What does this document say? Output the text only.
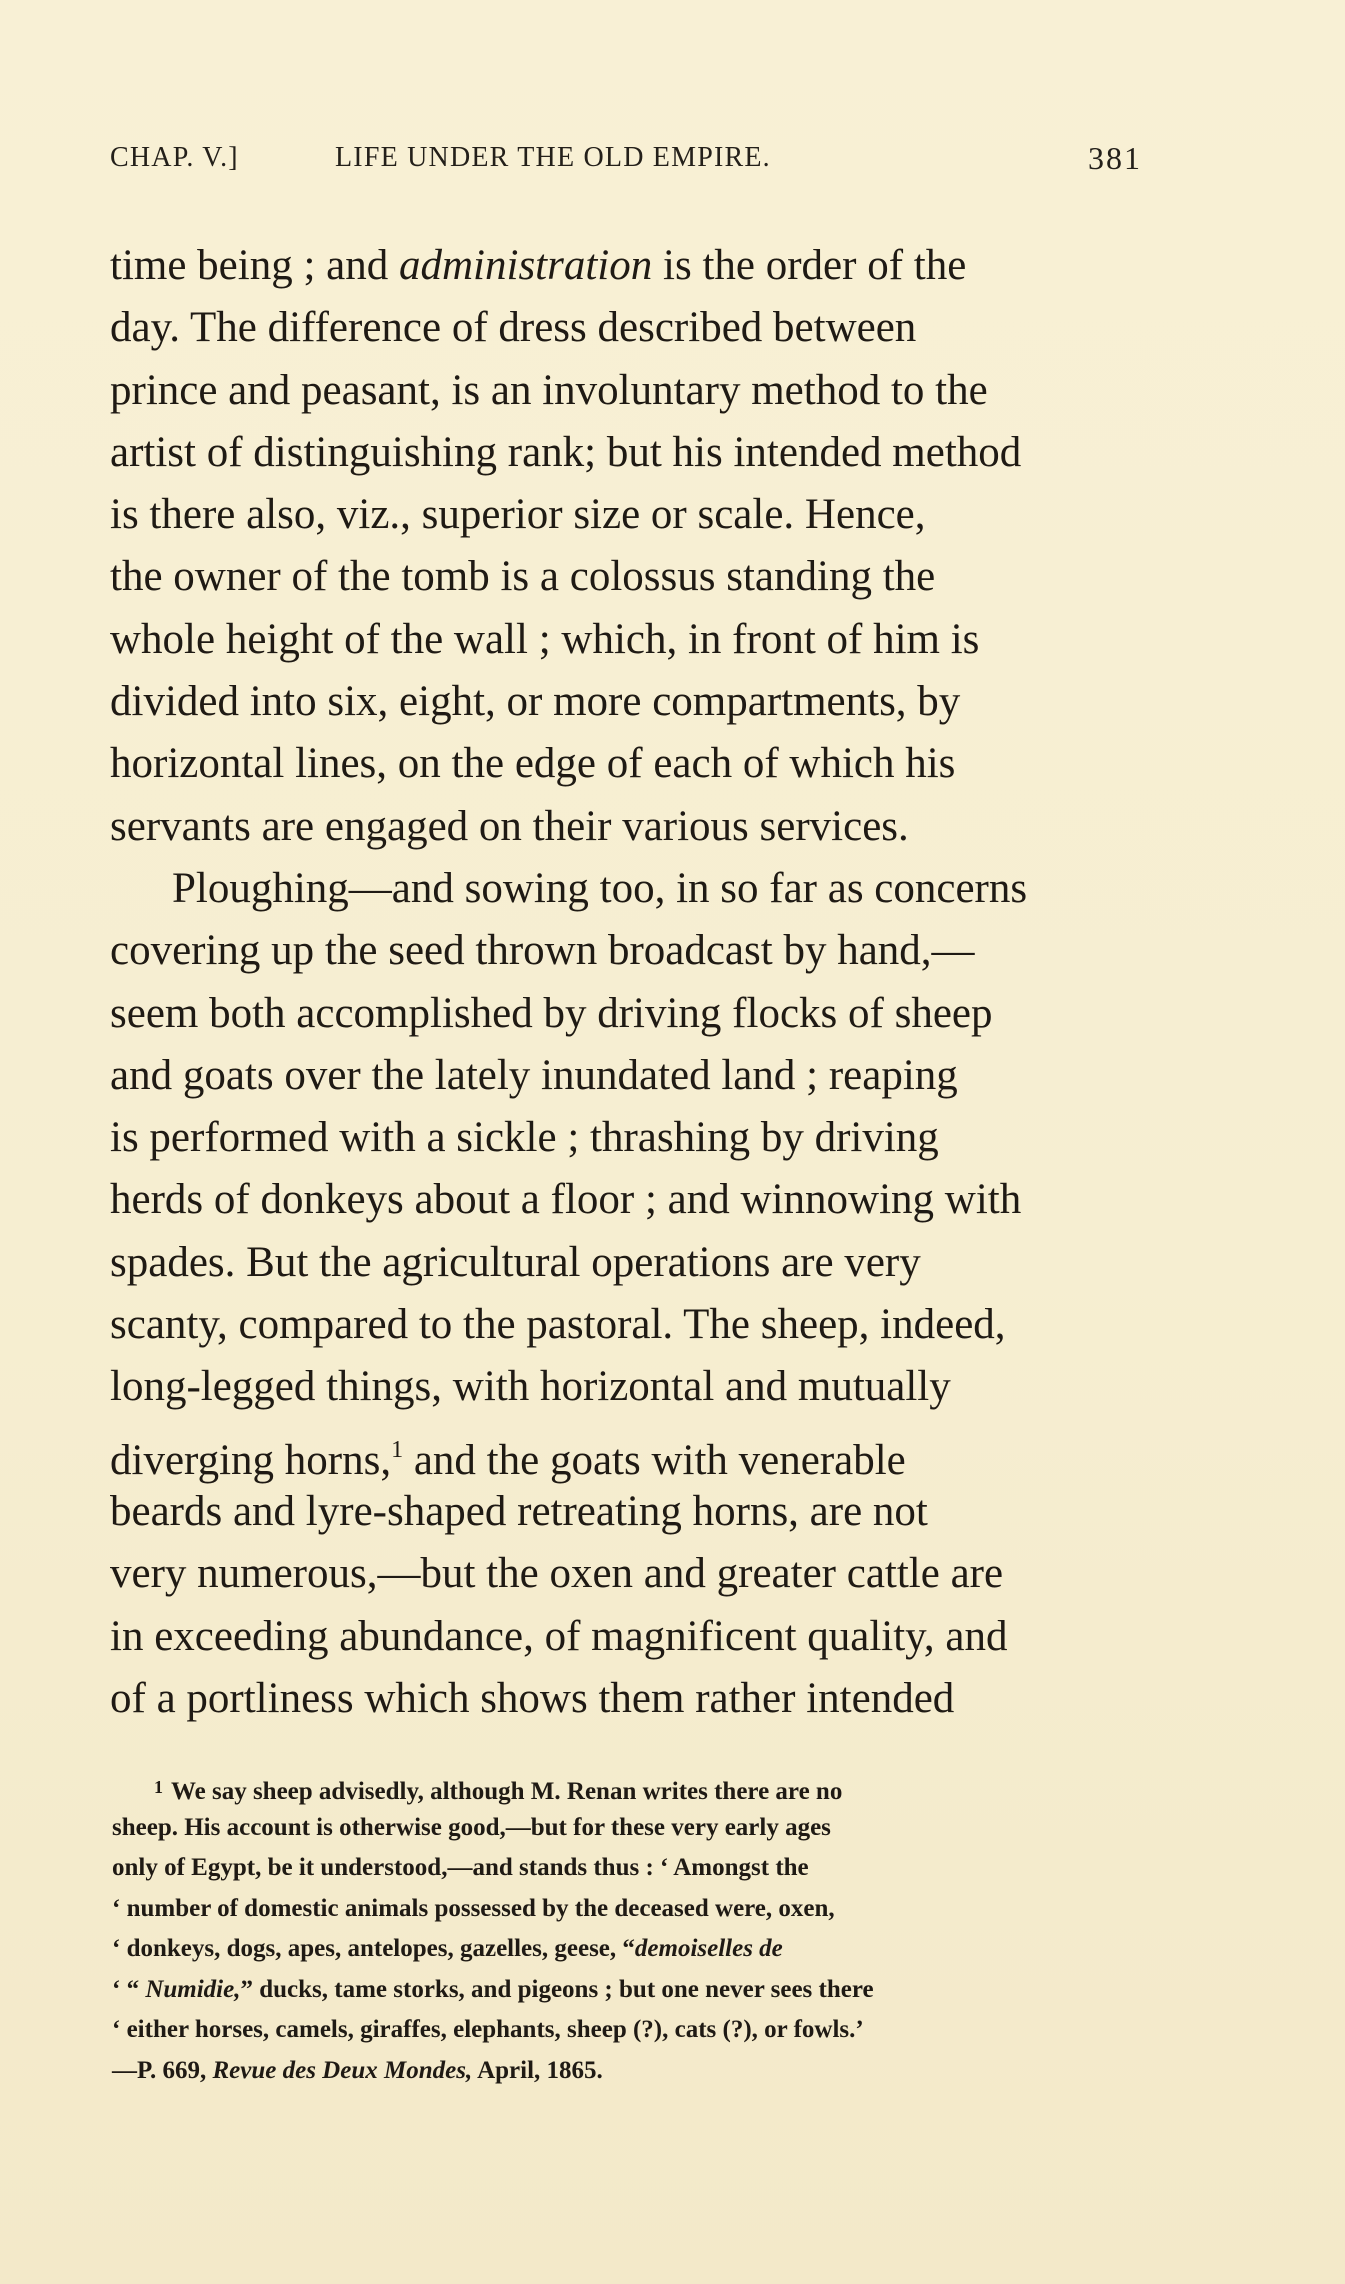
CHAP. V.]	LIFE UNDER THE OLD EMPIRE.	381
time being ; and administration is the order of the
day. The difference of dress described between
prince and peasant, is an involuntary method to the
artist of distinguishing rank; but his intended method
is there also, viz., superior size or scale. Hence,
the owner of the tomb is a colossus standing the
whole height of the wall ; which, in front of him is
divided into six, eight, or more compartments, by
horizontal lines, on the edge of each of which his
servants are engaged on their various services.
Ploughing—and sowing too, in so far as concerns
covering up the seed thrown broadcast by hand,—
seem both accomplished by driving flocks of sheep
and goats over the lately inundated land ; reaping
is performed with a sickle ; thrashing by driving
herds of donkeys about a floor ; and winnowing with
spades. But the agricultural operations are very
scanty, compared to the pastoral. The sheep, indeed,
long-legged things, with horizontal and mutually
diverging horns,$^1$ and the goats with venerable
beards and lyre-shaped retreating horns, are not
very numerous,—but the oxen and greater cattle are
in exceeding abundance, of magnificent quality, and
of a portliness which shows them rather intended
$^1$ We say sheep advisedly, although M. Renan writes there are no
sheep. His account is otherwise good,—but for these very early ages
only of Egypt, be it understood,—and stands thus : ‘ Amongst the
‘ number of domestic animals possessed by the deceased were, oxen,
‘ donkeys, dogs, apes, antelopes, gazelles, geese, “demoiselles de
‘ “ Numidie,” ducks, tame storks, and pigeons ; but one never sees there
‘ either horses, camels, giraffes, elephants, sheep (?), cats (?), or fowls.’
—P. 669, Revue des Deux Mondes, April, 1865.
